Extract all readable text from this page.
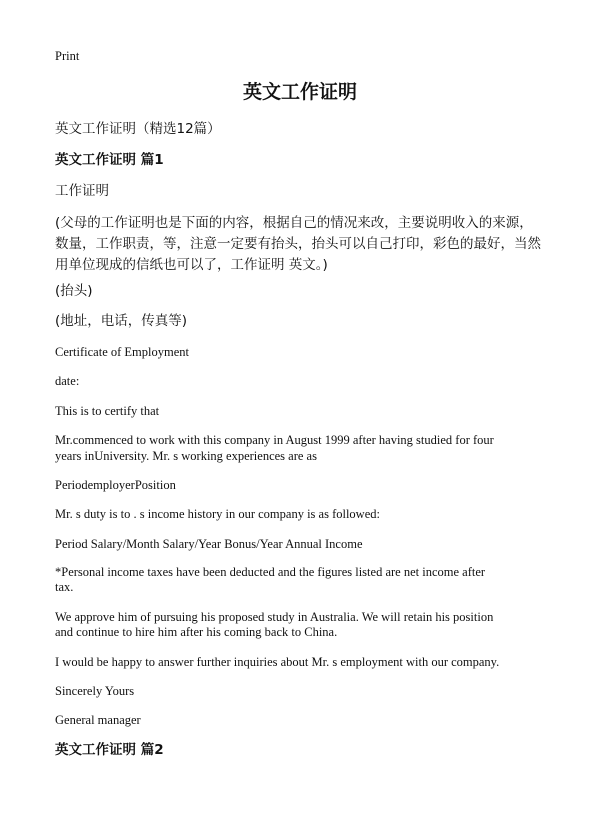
Print

英文工作证明

英文工作证明（精选12篇）

英文工作证明 篇1

工作证明

(父母的工作证明也是下面的内容，根据自己的情况来改，主要说明收入的来源，
数量，工作职责，等，注意一定要有抬头，抬头可以自己打印，彩色的最好，当然
用单位现成的信纸也可以了，工作证明 英文。)

(抬头)

(地址，电话，传真等)

Certificate of Employment

date:

This is to certify that

Mr.commenced to work with this company in August 1999 after having studied for four
years inUniversity. Mr. s working experiences are as

PeriodemployerPosition

Mr. s duty is to . s income history in our company is as followed:

Period Salary/Month Salary/Year Bonus/Year Annual Income

*Personal income taxes have been deducted and the figures listed are net income after
tax.
We approve him of pursuing his proposed study in Australia. We will retain his position
and continue to hire him after his coming back to China.

I would be happy to answer further inquiries about Mr. s employment with our company.

Sincerely Yours

General manager

英文工作证明 篇2
